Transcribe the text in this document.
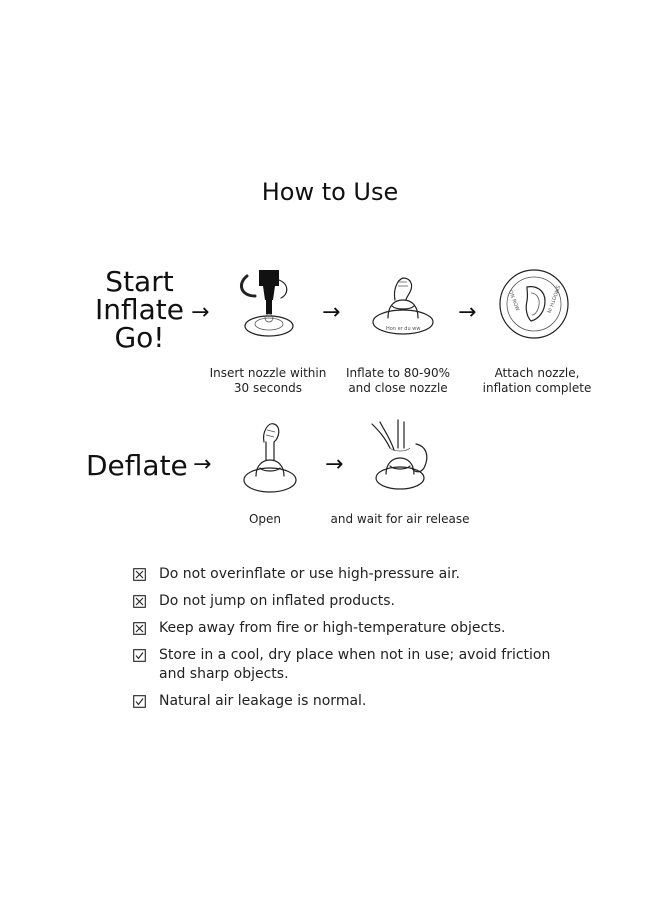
How to Use
Start
Inflate
Go!
→	→
Hon er du ww
→	ON ROW	SMOOTH IN
Insert nozzle within
30 seconds
Inflate to 80-90%
and close nozzle
Attach nozzle,
inflation complete
Deflate →	→
Open	and wait for air release
Do not overinflate or use high-pressure air.
Do not jump on inflated products.
Keep away from fire or high-temperature objects.
Store in a cool, dry place when not in use; avoid friction and sharp objects.
Natural air leakage is normal.
